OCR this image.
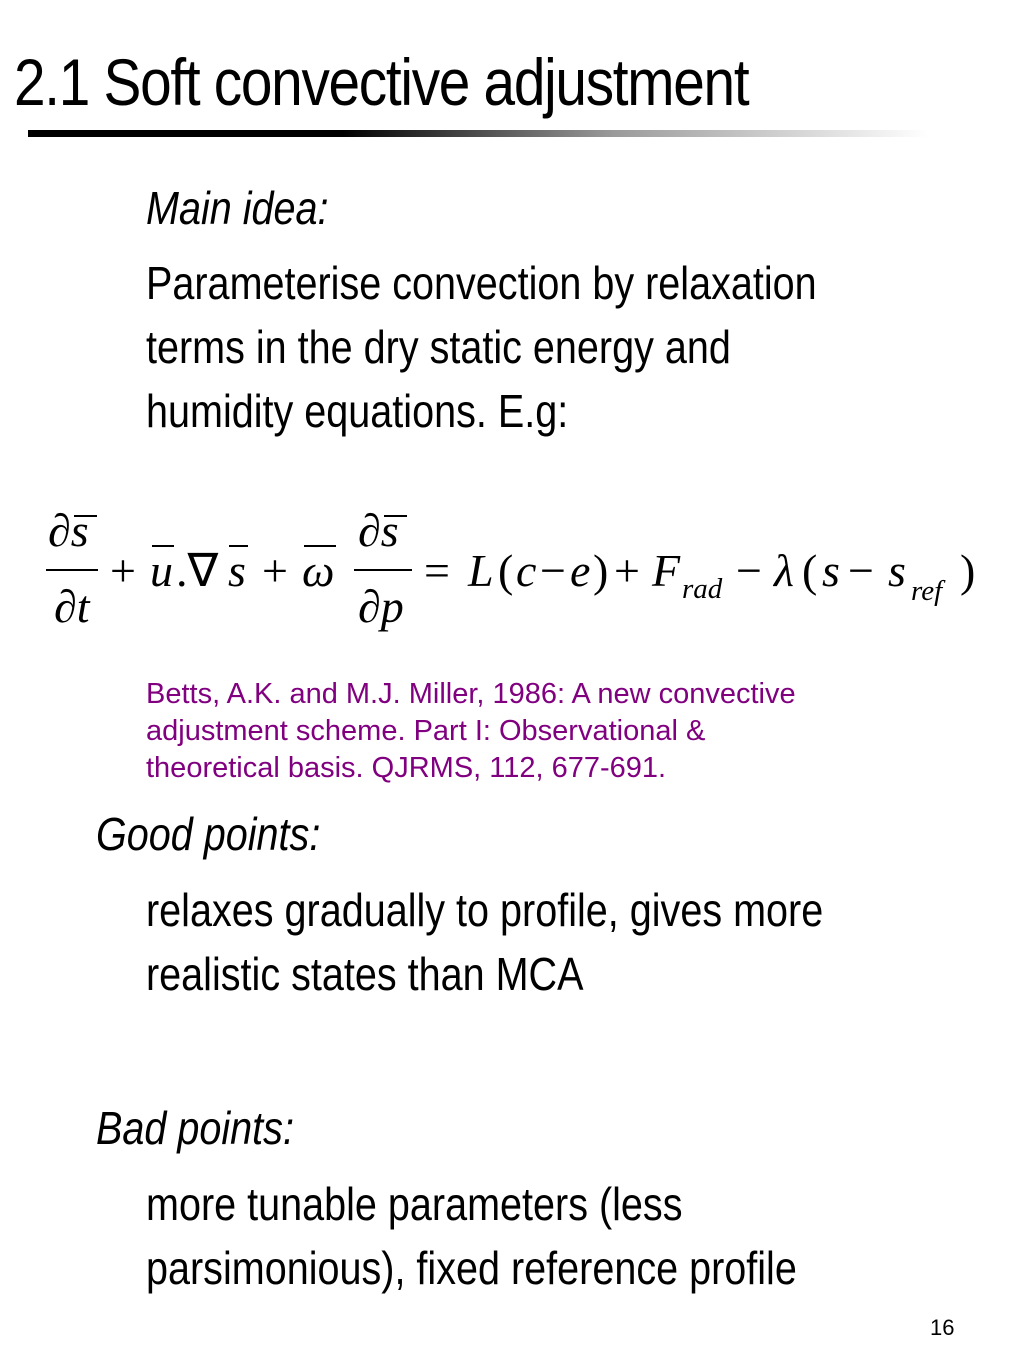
2.1 Soft convective adjustment
Main idea:
Parameterise convection by relaxation
terms in the dry static energy and
humidity equations. E.g:
∂s
∂t
+ u .∇ s + ω
∂s
∂p
= L ( c − e ) + F rad − λ ( s − s ref )
Betts, A.K. and M.J. Miller, 1986: A new convective
adjustment scheme. Part I: Observational &
theoretical basis. QJRMS, 112, 677-691.
Good points:
relaxes gradually to profile, gives more
realistic states than MCA
Bad points:
more tunable parameters (less
parsimonious), fixed reference profile
16
